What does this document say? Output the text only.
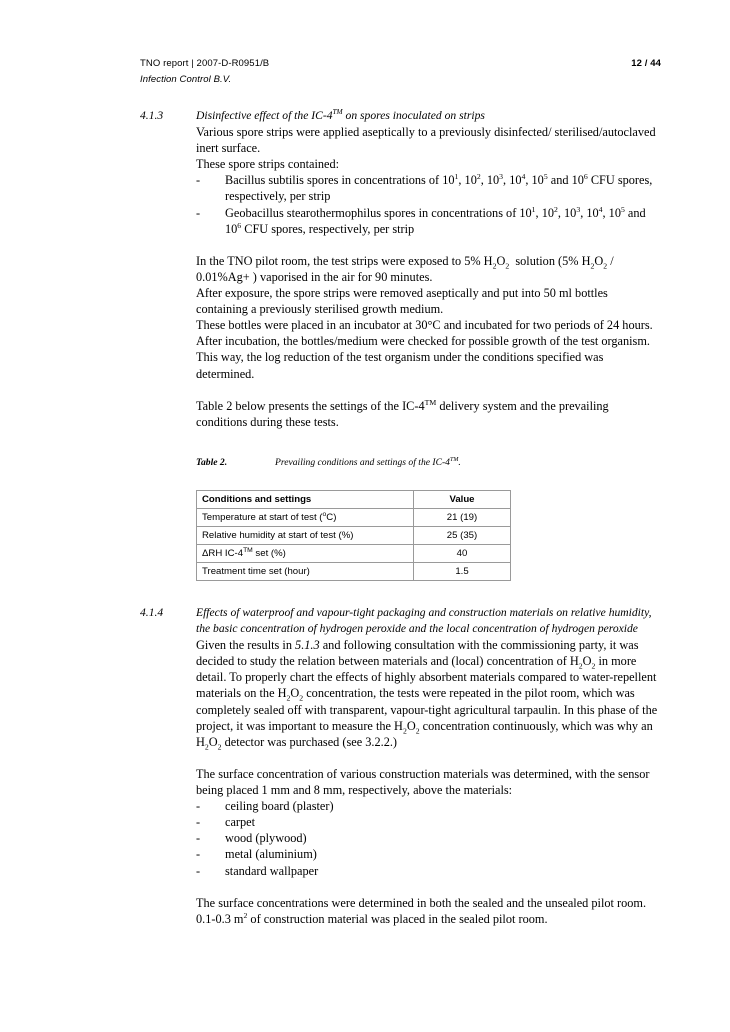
TNO report | 2007-D-R0951/B	12 / 44
Infection Control B.V.
4.1.3	Disinfective effect of the IC-4™ on spores inoculated on strips

Various spore strips were applied aseptically to a previously disinfected/ sterilised/autoclaved inert surface.

These spore strips contained:

- Bacillus subtilis spores in concentrations of $10^1$, $10^2$, $10^3$, $10^4$, $10^5$ and $10^6$ CFU spores, respectively, per strip
- Geobacillus stearothermophilus spores in concentrations of $10^1$, $10^2$, $10^3$, $10^4$, $10^5$ and $10^6$ CFU spores, respectively, per strip

In the TNO pilot room, the test strips were exposed to 5% $H_2O_2$  solution (5% $H_2O_2 / 0.01\%Ag+$ ) vaporised in the air for 90 minutes.

After exposure, the spore strips were removed aseptically and put into 50 ml bottles containing a previously sterilised growth medium.

These bottles were placed in an incubator at 30°C and incubated for two periods of 24 hours. After incubation, the bottles/medium were checked for possible growth of the test organism.

This way, the log reduction of the test organism under the conditions specified was determined.

Table 2 below presents the settings of the IC-4™ delivery system and the prevailing conditions during these tests.

Table 2.	Prevailing conditions and settings of the IC-4™.
Conditions and settings	Value
Temperature at start of test ($^o$C)	21 (19)
Relative humidity at start of test (%)	25 (35)
ΔRH IC-4™ set (%)	40
Treatment time set (hour)	1.5
4.1.4	Effects of waterproof and vapour-tight packaging and construction materials on relative humidity, the basic concentration of hydrogen peroxide and the local concentration of hydrogen peroxide

Given the results in 5.1.3 and following consultation with the commissioning party, it was decided to study the relation between materials and (local) concentration of $H_2O_2$ in more detail. To properly chart the effects of highly absorbent materials compared to water-repellent materials on the $H_2O_2$ concentration, the tests were repeated in the pilot room, which was completely sealed off with transparent, vapour-tight agricultural tarpaulin. In this phase of the project, it was important to measure the $H_2O_2$ concentration continuously, which was why an $H_2O_2$ detector was purchased (see 3.2.2.)

The surface concentration of various construction materials was determined, with the sensor being placed 1 mm and 8 mm, respectively, above the materials:

- ceiling board (plaster)
- carpet
- wood (plywood)
- metal (aluminium)
- standard wallpaper

The surface concentrations were determined in both the sealed and the unsealed pilot room. 0.1-0.3 $m^2$ of construction material was placed in the sealed pilot room.
